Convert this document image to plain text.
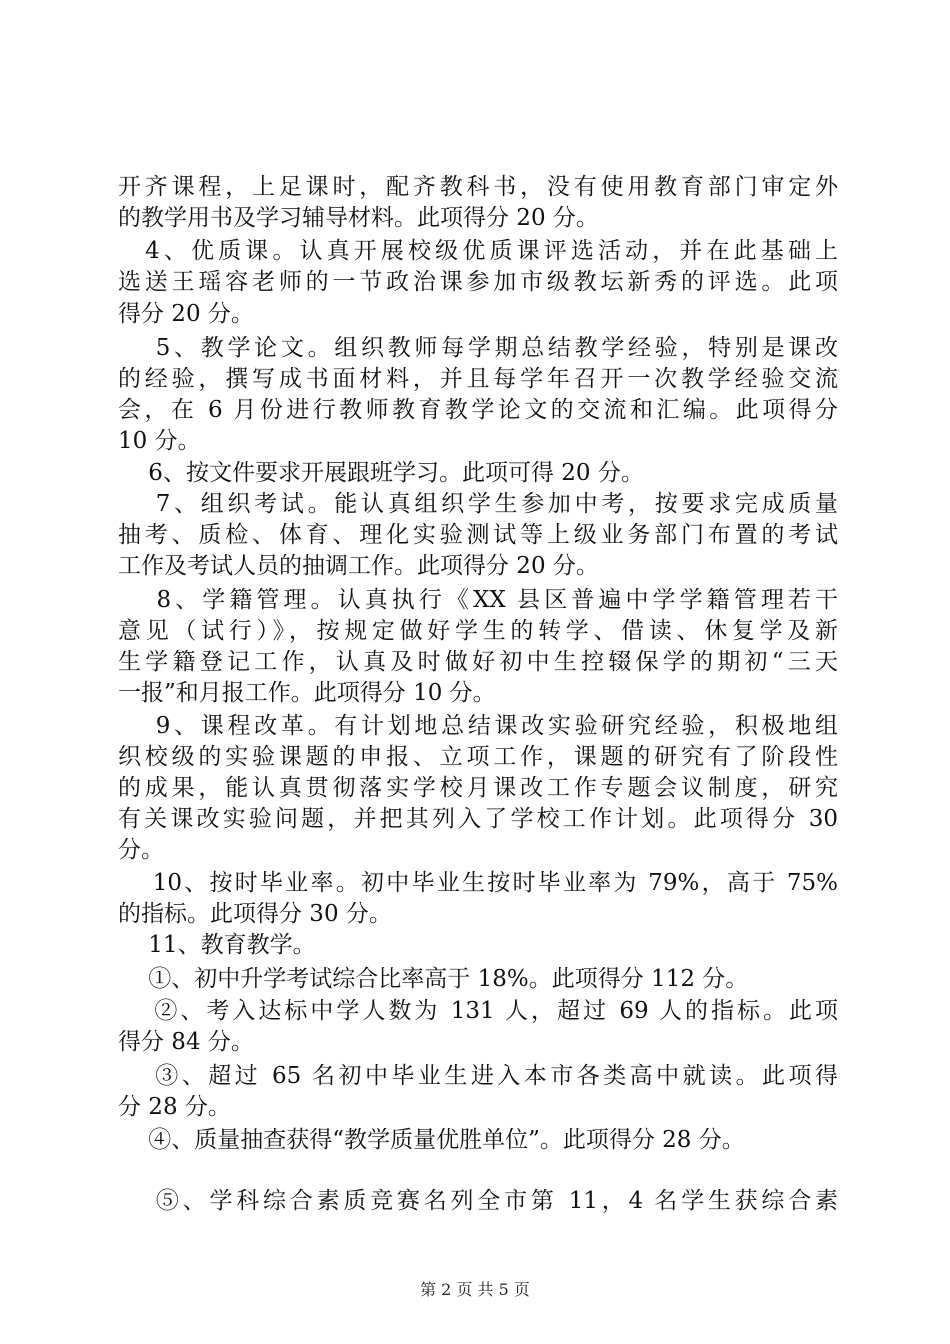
开齐课程，上足课时，配齐教科书，没有使用教育部门审定外
的教学用书及学习辅导材料。此项得分 20 分。
　4、优质课。认真开展校级优质课评选活动，并在此基础上
选送王瑶容老师的一节政治课参加市级教坛新秀的评选。此项
得分 20 分。
　 5、教学论文。组织教师每学期总结教学经验，特别是课改
的经验，撰写成书面材料，并且每学年召开一次教学经验交流
会，在 6 月份进行教师教育教学论文的交流和汇编。此项得分
10 分。
　 6、按文件要求开展跟班学习。此项可得 20 分。
　 7、组织考试。能认真组织学生参加中考，按要求完成质量
抽考、质检、体育、理化实验测试等上级业务部门布置的考试
工作及考试人员的抽调工作。此项得分 20 分。
　 8、学籍管理。认真执行《XX 县区普遍中学学籍管理若干
意见（试行）》，按规定做好学生的转学、借读、休复学及新
生学籍登记工作，认真及时做好初中生控辍保学的期初“三天
一报”和月报工作。此项得分 10 分。
　 9、课程改革。有计划地总结课改实验研究经验，积极地组
织校级的实验课题的申报、立项工作，课题的研究有了阶段性
的成果，能认真贯彻落实学校月课改工作专题会议制度，研究
有关课改实验问题，并把其列入了学校工作计划。此项得分 30
分。
　 10、按时毕业率。初中毕业生按时毕业率为 79%，高于 75%
的指标。此项得分 30 分。
　 11、教育教学。
　 ①、初中升学考试综合比率高于 18%。此项得分 112 分。
　 ②、考入达标中学人数为 131 人，超过 69 人的指标。此项
得分 84 分。
　 ③、超过 65 名初中毕业生进入本市各类高中就读。此项得
分 28 分。
　 ④、质量抽查获得“教学质量优胜单位”。此项得分 28 分。
　 ⑤、学科综合素质竞赛名列全市第 11，4 名学生获综合素
第 2 页 共 5 页
